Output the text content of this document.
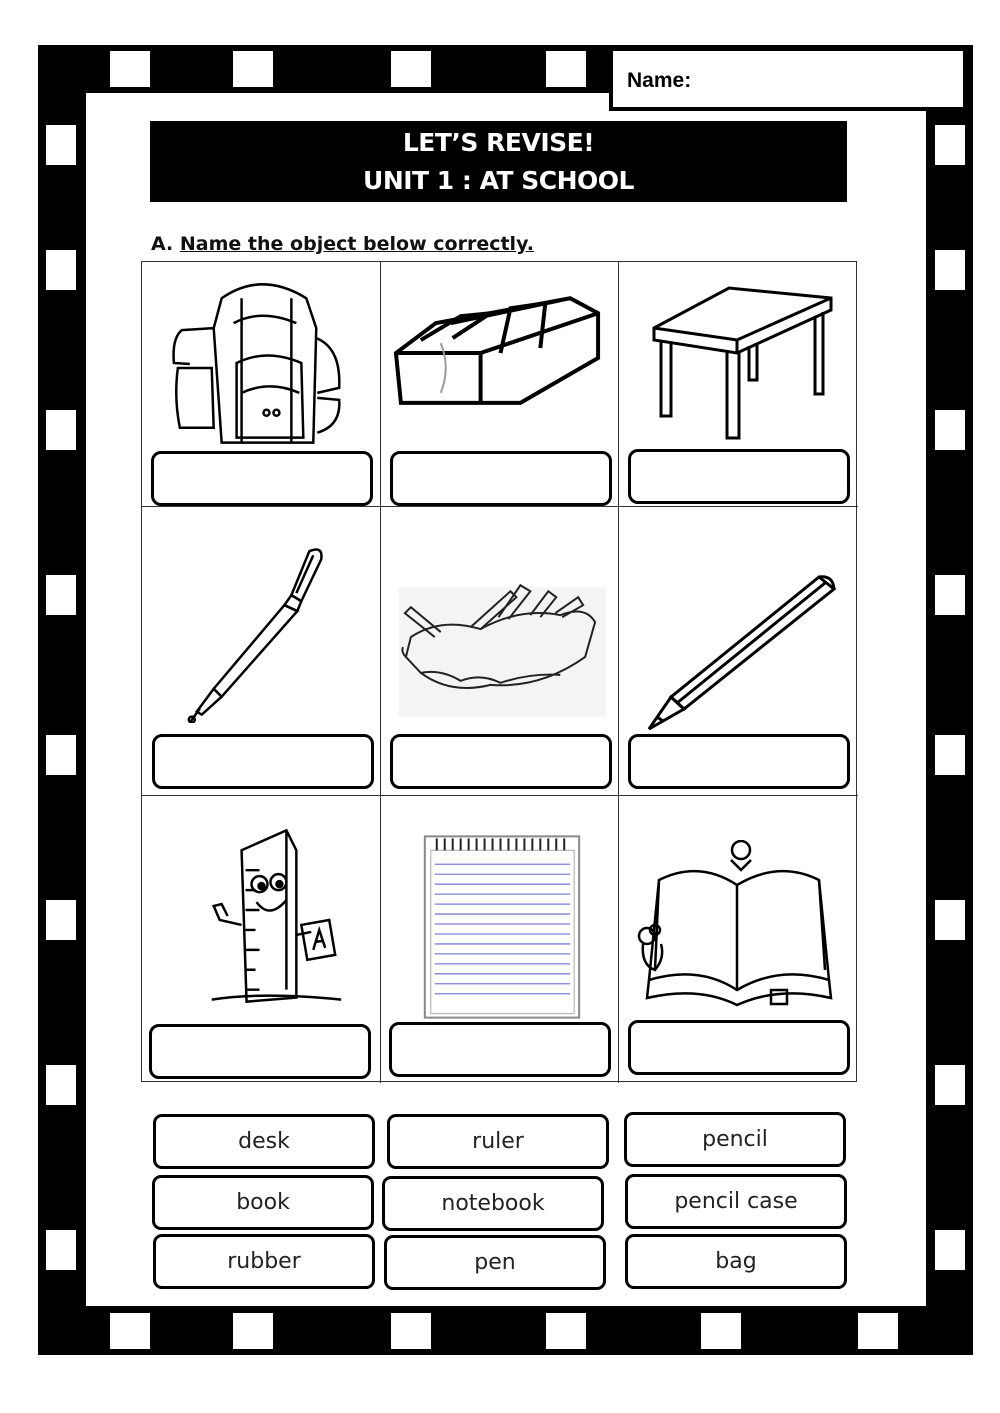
Name:
LET’S REVISE!
UNIT 1 : AT SCHOOL
A. Name the object below correctly.
desk	ruler	pencil
book	notebook	pencil case
rubber	pen	bag
